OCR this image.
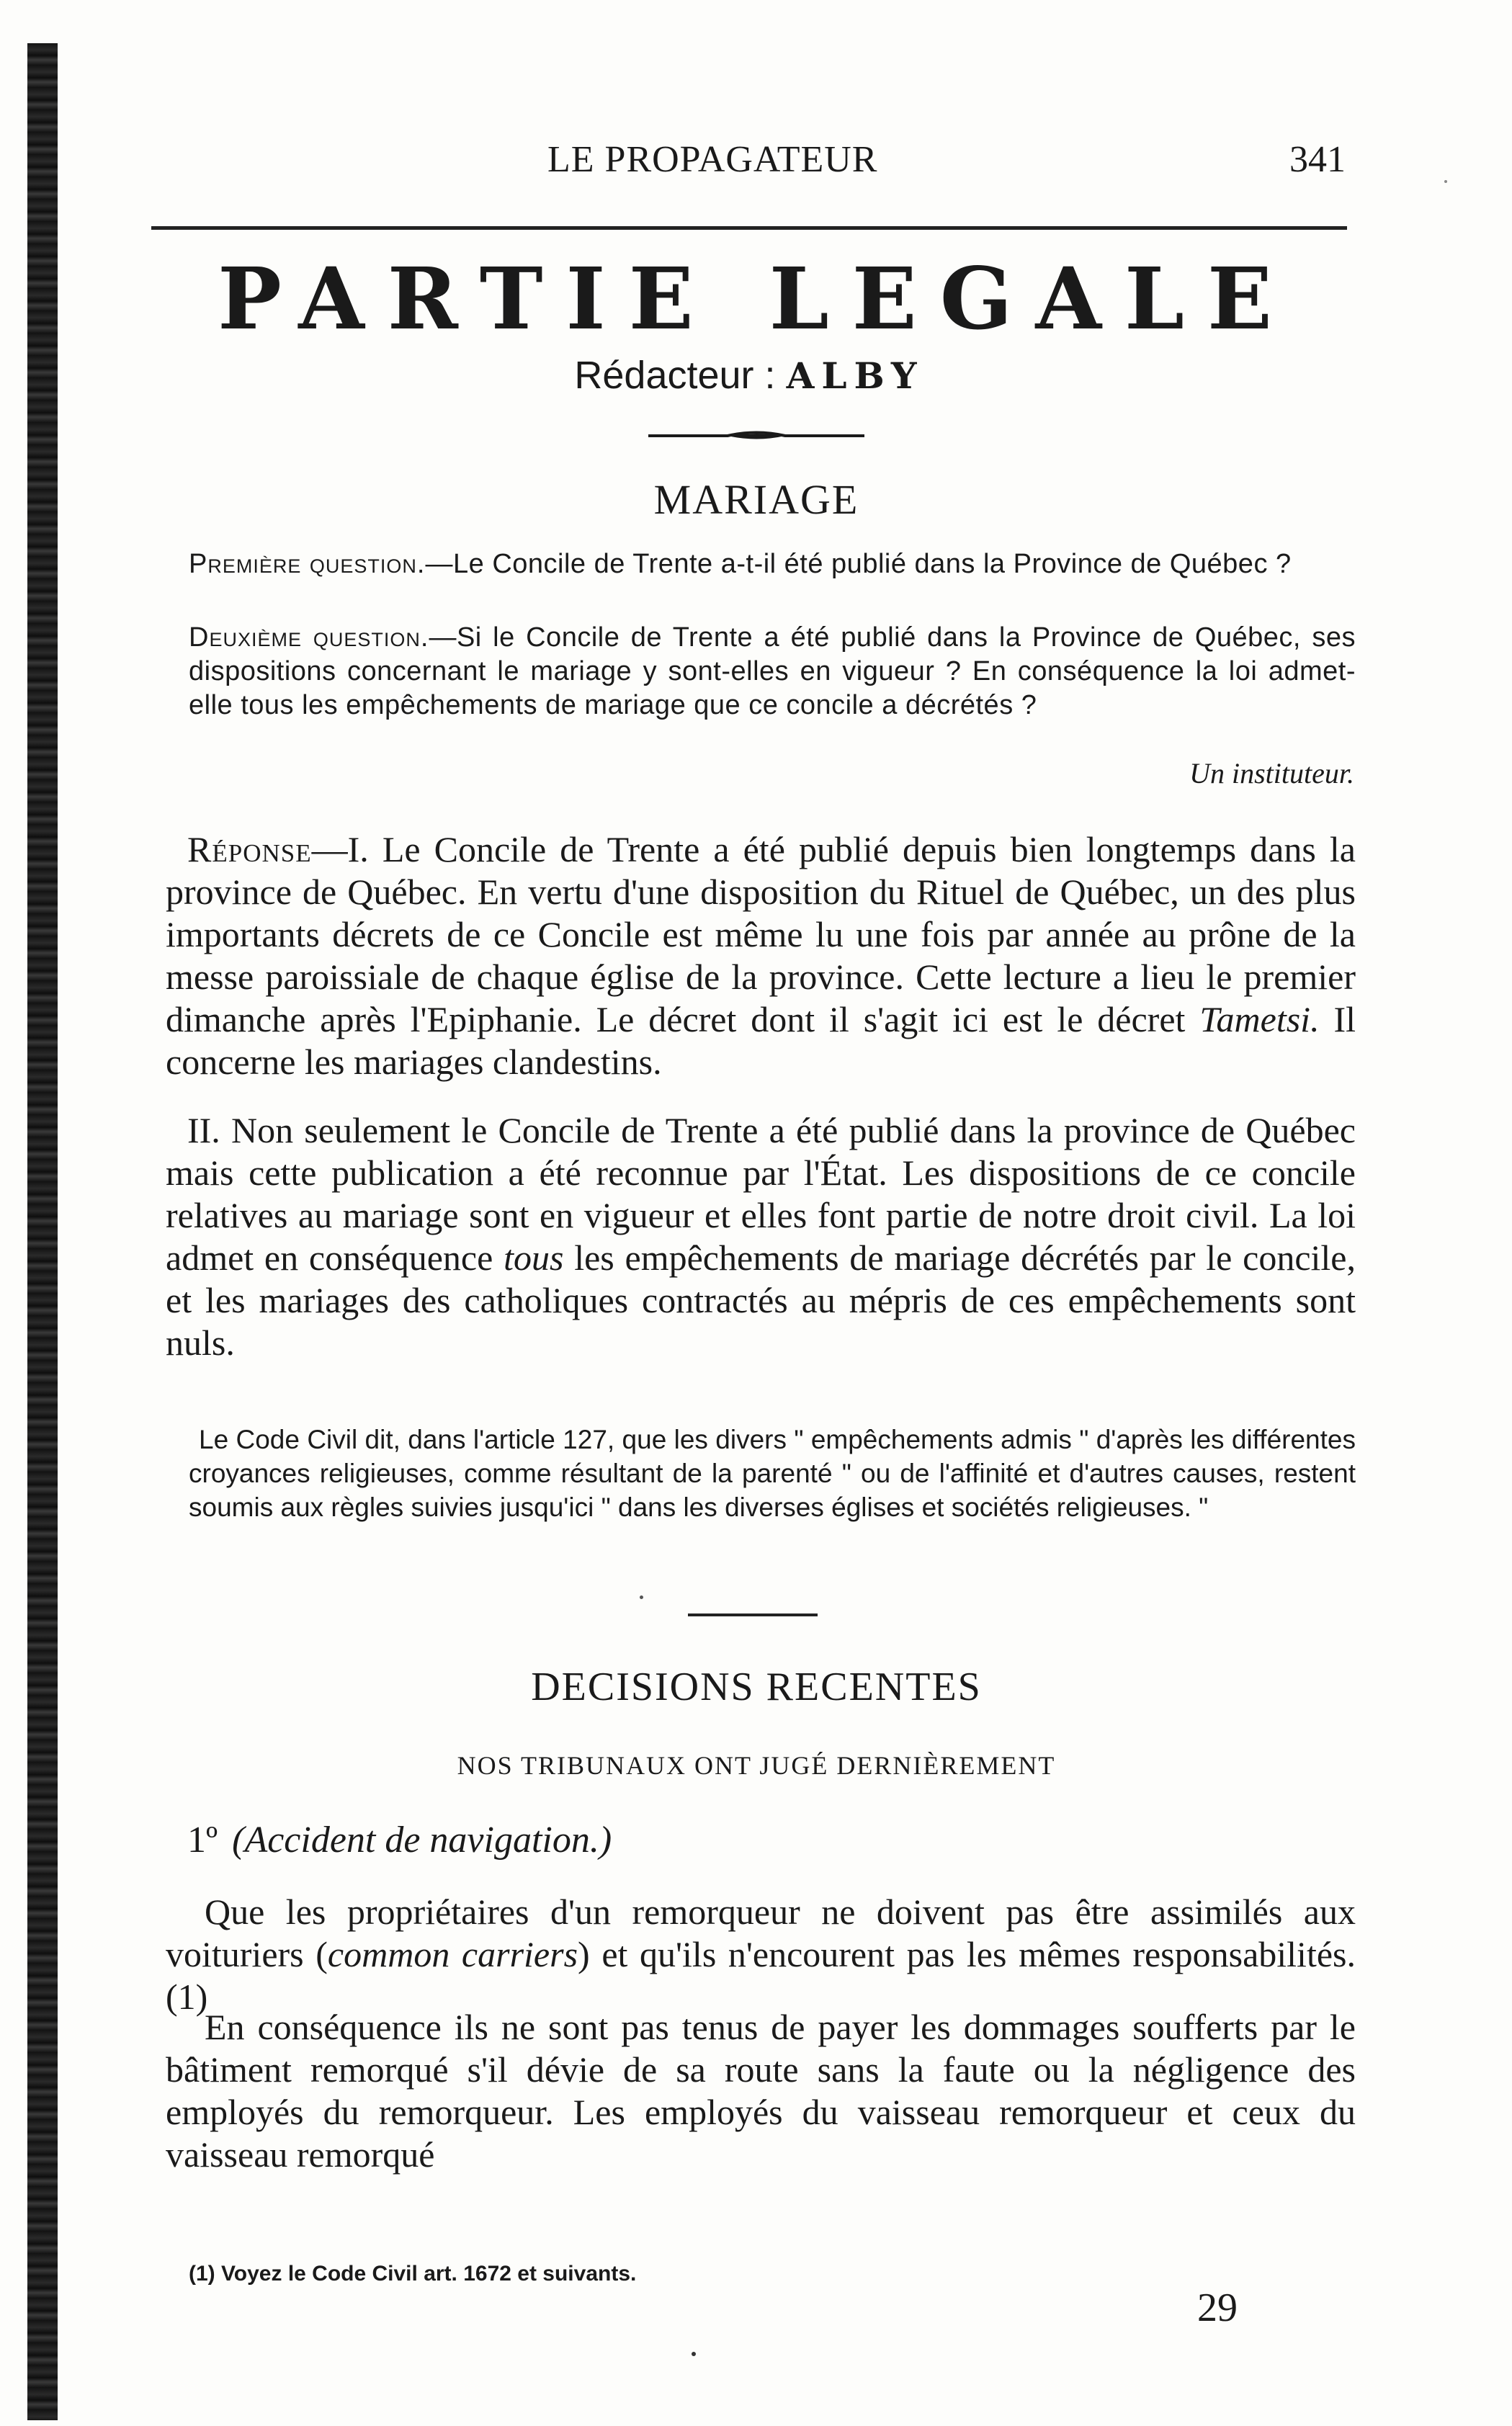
LE PROPAGATEUR	341
PARTIE LEGALE
Rédacteur : ALBY
MARIAGE

Première question.—Le Concile de Trente a-t-il été publié dans la Province de Québec ?

Deuxième question.—Si le Concile de Trente a été publié dans la Province de Québec, ses dispositions concernant le mariage y sont-elles en vigueur ? En conséquence la loi admet-elle tous les empêchements de mariage que ce concile a décrétés ?

Un instituteur.

Réponse—I. Le Concile de Trente a été publié depuis bien longtemps dans la province de Québec. En vertu d'une disposition du Rituel de Québec, un des plus importants décrets de ce Concile est même lu une fois par année au prône de la messe paroissiale de chaque église de la province. Cette lecture a lieu le premier dimanche après l'Epiphanie. Le décret dont il s'agit ici est le décret Tametsi. Il concerne les mariages clandestins.

II. Non seulement le Concile de Trente a été publié dans la province de Québec mais cette publication a été reconnue par l'État. Les dispositions de ce concile relatives au mariage sont en vigueur et elles font partie de notre droit civil. La loi admet en conséquence tous les empêchements de mariage décrétés par le concile, et les mariages des catholiques contractés au mépris de ces empêchements sont nuls.

Le Code Civil dit, dans l'article 127, que les divers " empêchements admis " d'après les différentes croyances religieuses, comme résultant de la parenté " ou de l'affinité et d'autres causes, restent soumis aux règles suivies jusqu'ici " dans les diverses églises et sociétés religieuses. "

DECISIONS RECENTES
NOS TRIBUNAUX ONT JUGÉ DERNIÈREMENT
1º (Accident de navigation.)

Que les propriétaires d'un remorqueur ne doivent pas être assimilés aux voituriers (common carriers) et qu'ils n'encourent pas les mêmes responsabilités. (1)

En conséquence ils ne sont pas tenus de payer les dommages soufferts par le bâtiment remorqué s'il dévie de sa route sans la faute ou la négligence des employés du remorqueur. Les employés du vaisseau remorqueur et ceux du vaisseau remorqué

(1) Voyez le Code Civil art. 1672 et suivants.
29
